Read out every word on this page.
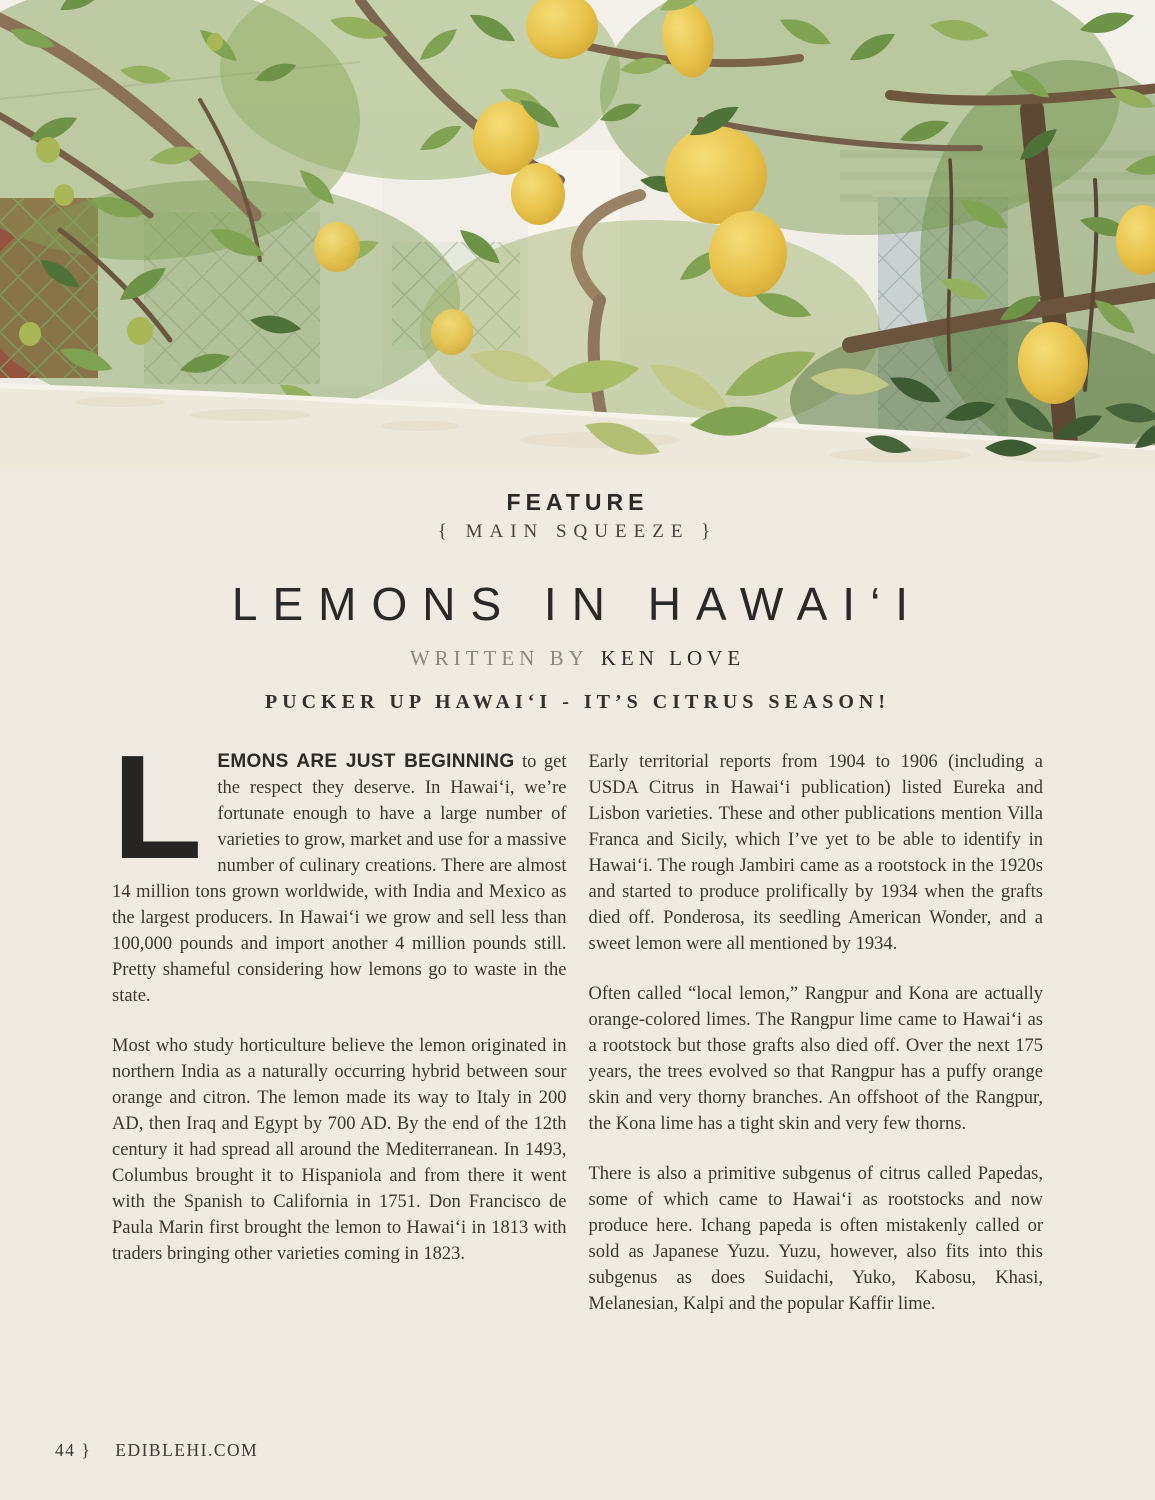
FEATURE
{ MAIN SQUEEZE }
LEMONS IN HAWAI‘I
WRITTEN BY KEN LOVE
PUCKER UP HAWAI‘I - IT’S CITRUS SEASON!

LEMONS ARE JUST BEGINNING to get the respect they deserve. In Hawai‘i, we’re fortunate enough to have a large number of varieties to grow, market and use for a massive number of culinary creations. There are almost 14 million tons grown worldwide, with India and Mexico as the largest producers. In Hawai‘i we grow and sell less than 100,000 pounds and import another 4 million pounds still. Pretty shameful considering how lemons go to waste in the state.

Most who study horticulture believe the lemon originated in northern India as a naturally occurring hybrid between sour orange and citron. The lemon made its way to Italy in 200 AD, then Iraq and Egypt by 700 AD. By the end of the 12th century it had spread all around the Mediterranean. In 1493, Columbus brought it to Hispaniola and from there it went with the Spanish to California in 1751. Don Francisco de Paula Marin first brought the lemon to Hawai‘i in 1813 with traders bringing other varieties coming in 1823.

Early territorial reports from 1904 to 1906 (including a USDA Citrus in Hawai‘i publication) listed Eureka and Lisbon varieties. These and other publications mention Villa Franca and Sicily, which I’ve yet to be able to identify in Hawai‘i. The rough Jambiri came as a rootstock in the 1920s and started to produce prolifically by 1934 when the grafts died off. Ponderosa, its seedling American Wonder, and a sweet lemon were all mentioned by 1934.

Often called “local lemon,” Rangpur and Kona are actually orange-colored limes. The Rangpur lime came to Hawai‘i as a rootstock but those grafts also died off. Over the next 175 years, the trees evolved so that Rangpur has a puffy orange skin and very thorny branches. An offshoot of the Rangpur, the Kona lime has a tight skin and very few thorns.

There is also a primitive subgenus of citrus called Papedas, some of which came to Hawai‘i as rootstocks and now produce here. Ichang papeda is often mistakenly called or sold as Japanese Yuzu. Yuzu, however, also fits into this subgenus as does Suidachi, Yuko, Kabosu, Khasi, Melanesian, Kalpi and the popular Kaffir lime.

44 } EDIBLEHI.COM
